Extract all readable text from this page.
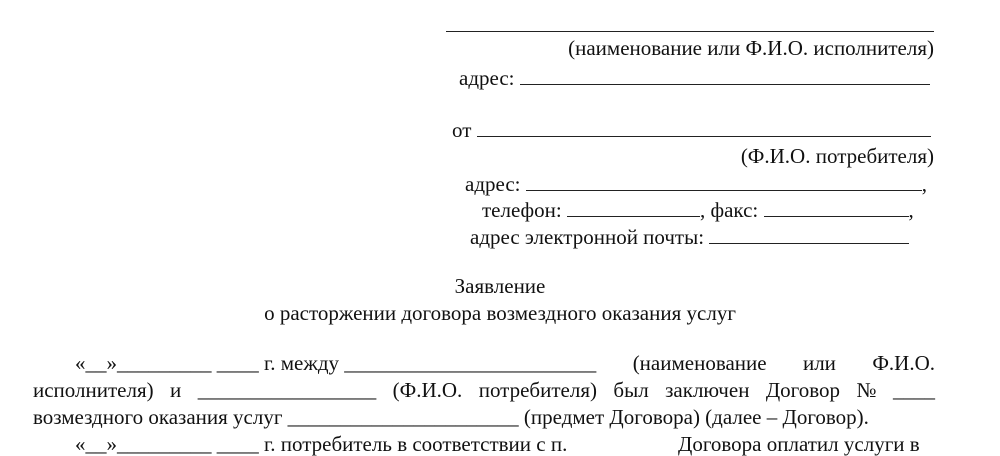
(наименование или Ф.И.О. исполнителя)
адрес:
от
(Ф.И.О. потребителя)
адрес:	,
телефон:	, факс:	,
адрес электронной почты:
Заявление
о расторжении договора возмездного оказания услуг
«__»_________ ____ г. между ________________________ (наименование или Ф.И.О.
исполнителя) и _________________ (Ф.И.О. потребителя) был заключен Договор № ____
возмездного оказания услуг ______________________ (предмет Договора) (далее – Договор).
«__»_________ ____ г. потребитель в соответствии с п.	Договора оплатил услуги в
